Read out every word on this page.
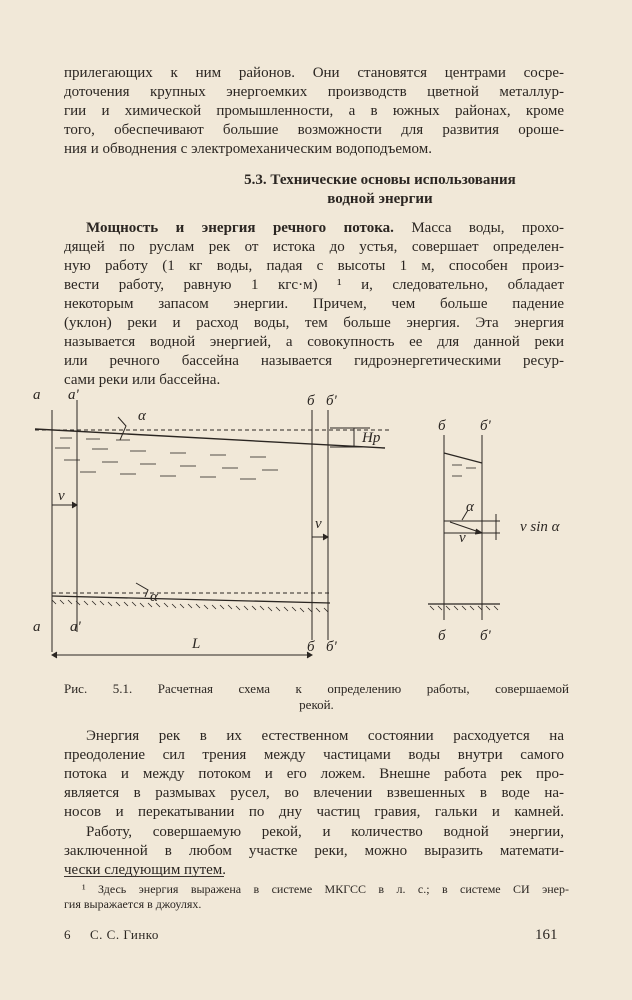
прилегающих к ним районов. Они становятся центрами сосре-

доточения крупных энергоемких производств цветной металлур-

гии и химической промышленности, а в южных районах, кроме

того, обеспечивают большие возможности для развития ороше-

ния и обводнения с электромеханическим водоподъемом.

5.3. Технические основы использования
водной энергии

Мощность и энергия речного потока. Масса воды, прохо-

дящей по руслам рек от истока до устья, совершает определен-

ную работу (1 кг воды, падая с высоты 1 м, способен произ-

вести работу, равную 1 кгс·м) ¹ и, следовательно, обладает

некоторым запасом энергии. Причем, чем больше падение

(уклон) реки и расход воды, тем больше энергия. Эта энергия

называется водной энергией, а совокупность ее для данной реки

или речного бассейна называется гидроэнергетическими ресур-

сами реки или бассейна.

a a'	б б'
α
Hp
v
v
α
a a'
L	б б'
б б'
α
v
v sin α
б б'
Рис. 5.1. Расчетная схема к определению работы, совершаемой
рекой.

Энергия рек в их естественном состоянии расходуется на

преодоление сил трения между частицами воды внутри самого

потока и между потоком и его ложем. Внешне работа рек про-

является в размывах русел, во влечении взвешенных в воде на-

носов и перекатывании по дну частиц гравия, гальки и камней.

Работу, совершаемую рекой, и количество водной энергии,

заключенной в любом участке реки, можно выразить математи-

чески следующим путем.

¹ Здесь энергия выражена в системе МКГСС в л. с.; в системе СИ энер-
гия выражается в джоулях.
6 С. С. Гинко	161
